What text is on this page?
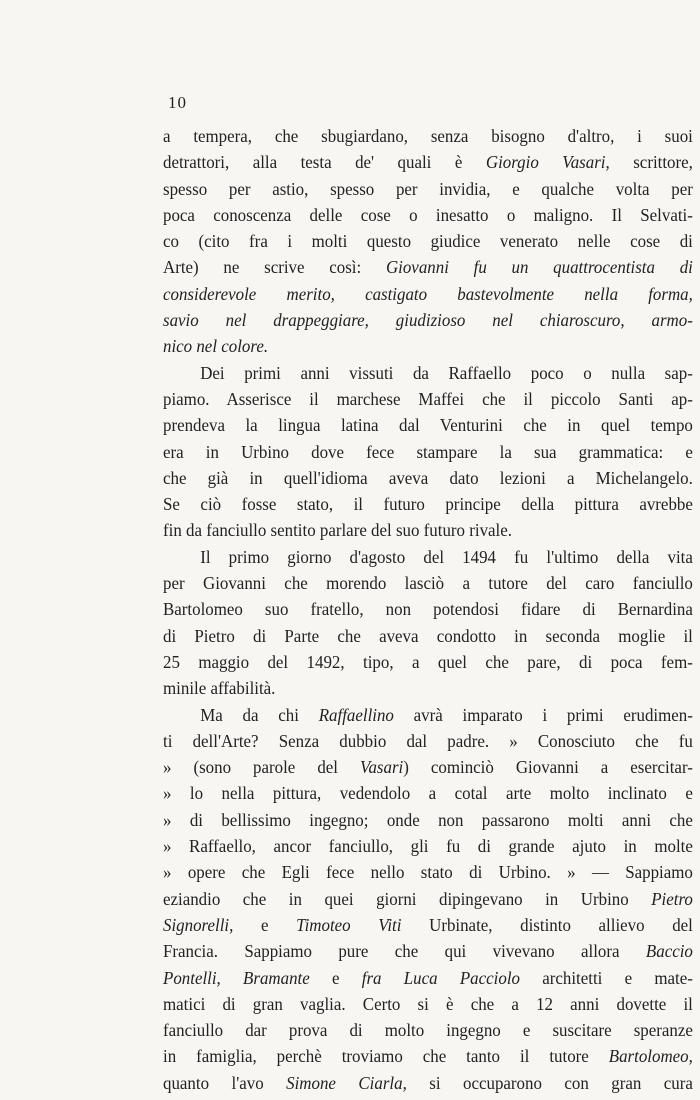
10
a tempera, che sbugiardano, senza bisogno d'altro, i suoi
detrattori, alla testa de' quali è Giorgio Vasari, scrittore,
spesso per astio, spesso per invidia, e qualche volta per
poca conoscenza delle cose o inesatto o maligno. Il Selvati-
co (cito fra i molti questo giudice venerato nelle cose di
Arte) ne scrive così: Giovanni fu un quattrocentista di
considerevole merito, castigato bastevolmente nella forma,
savio nel drappeggiare, giudizioso nel chiaroscuro, armo-
nico nel colore.
Dei primi anni vissuti da Raffaello poco o nulla sap-
piamo. Asserisce il marchese Maffei che il piccolo Santi ap-
prendeva la lingua latina dal Venturini che in quel tempo
era in Urbino dove fece stampare la sua grammatica: e
che già in quell'idioma aveva dato lezioni a Michelangelo.
Se ciò fosse stato, il futuro principe della pittura avrebbe
fin da fanciullo sentito parlare del suo futuro rivale.
Il primo giorno d'agosto del 1494 fu l'ultimo della vita
per Giovanni che morendo lasciò a tutore del caro fanciullo
Bartolomeo suo fratello, non potendosi fidare di Bernardina
di Pietro di Parte che aveva condotto in seconda moglie il
25 maggio del 1492, tipo, a quel che pare, di poca fem-
minile affabilità.
Ma da chi Raffaellino avrà imparato i primi erudimen-
ti dell'Arte? Senza dubbio dal padre. » Conosciuto che fu
» (sono parole del Vasari) cominciò Giovanni a esercitar-
» lo nella pittura, vedendolo a cotal arte molto inclinato e
» di bellissimo ingegno; onde non passarono molti anni che
» Raffaello, ancor fanciullo, gli fu di grande ajuto in molte
» opere che Egli fece nello stato di Urbino. » — Sappiamo
eziandio che in quei giorni dipingevano in Urbino Pietro
Signorelli, e Timoteo Viti Urbinate, distinto allievo del
Francia. Sappiamo pure che qui vivevano allora Baccio
Pontelli, Bramante e fra Luca Pacciolo architetti e mate-
matici di gran vaglia. Certo si è che a 12 anni dovette il
fanciullo dar prova di molto ingegno e suscitare speranze
in famiglia, perchè troviamo che tanto il tutore Bartolomeo,
quanto l'avo Simone Ciarla, si occuparono con gran cura
